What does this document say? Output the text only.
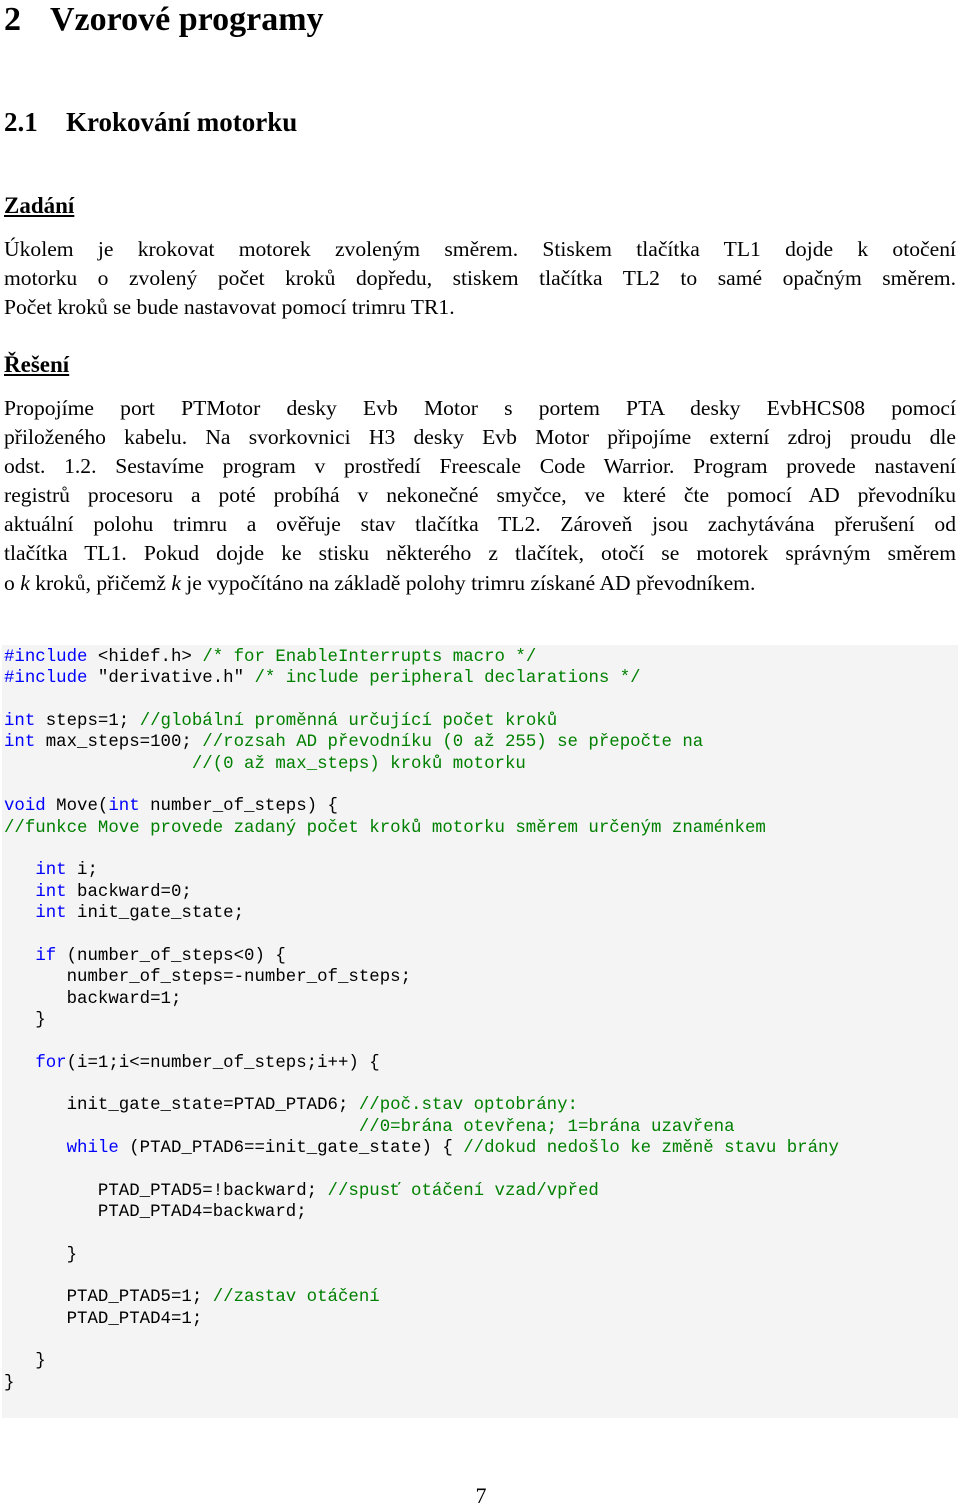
2 Vzorové programy
2.1 Krokování motorku
Zadání
Úkolem je krokovat motorek zvoleným směrem. Stiskem tlačítka TL1 dojde k otočení
motorku o zvolený počet kroků dopředu, stiskem tlačítka TL2 to samé opačným směrem.
Počet kroků se bude nastavovat pomocí trimru TR1.
Řešení
Propojíme port PTMotor desky Evb Motor s portem PTA desky EvbHCS08 pomocí
přiloženého kabelu. Na svorkovnici H3 desky Evb Motor připojíme externí zdroj proudu dle
odst. 1.2. Sestavíme program v prostředí Freescale Code Warrior. Program provede nastavení
registrů procesoru a poté probíhá v nekonečné smyčce, ve které čte pomocí AD převodníku
aktuální polohu trimru a ověřuje stav tlačítka TL2. Zároveň jsou zachytávána přerušení od
tlačítka TL1. Pokud dojde ke stisku některého z tlačítek, otočí se motorek správným směrem
o k kroků, přičemž k je vypočítáno na základě polohy trimru získané AD převodníkem.
#include <hidef.h> /* for EnableInterrupts macro */
#include "derivative.h" /* include peripheral declarations */
int steps=1; //globální proměnná určující počet kroků
int max_steps=100; //rozsah AD převodníku (0 až 255) se přepočte na
//(0 až max_steps) kroků motorku
void Move(int number_of_steps) {
//funkce Move provede zadaný počet kroků motorku směrem určeným znaménkem
int i;
int backward=0;
int init_gate_state;
if (number_of_steps<0) {
number_of_steps=-number_of_steps;
backward=1;
}
for(i=1;i<=number_of_steps;i++) {
init_gate_state=PTAD_PTAD6; //poč.stav optobrány:
//0=brána otevřena; 1=brána uzavřena
while (PTAD_PTAD6==init_gate_state) { //dokud nedošlo ke změně stavu brány
PTAD_PTAD5=!backward; //spusť otáčení vzad/vpřed
PTAD_PTAD4=backward;
}
PTAD_PTAD5=1; //zastav otáčení
PTAD_PTAD4=1;
}
}
7
